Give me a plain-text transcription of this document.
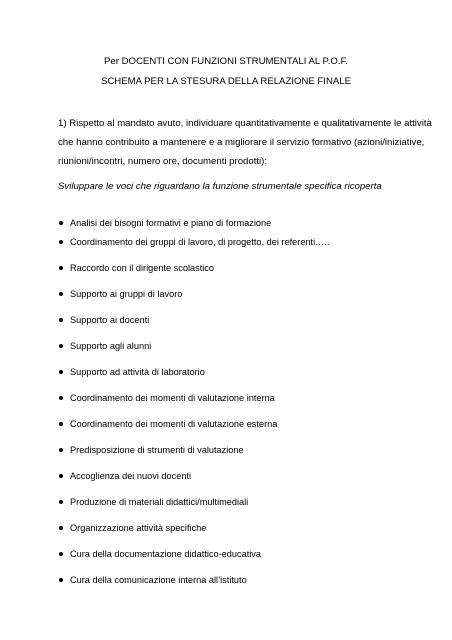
Per DOCENTI CON FUNZIONI STRUMENTALI AL P.O.F.
SCHEMA PER LA STESURA DELLA RELAZIONE FINALE
1) Rispetto al mandato avuto, individuare quantitativamente e qualitativamente le attività
che hanno contribuito a mantenere e a migliorare il servizio formativo (azioni/iniziative,
riunioni/incontri, numero ore, documenti prodotti):
Sviluppare le voci che riguardano la funzione strumentale specifica ricoperta
Analisi dei bisogni formativi e piano di formazione
Coordinamento dei gruppi di lavoro, di progetto, dei referenti…..
Raccordo con il dirigente scolastico
Supporto ai gruppi di lavoro
Supporto ai docenti
Supporto agli alunni
Supporto ad attività di laboratorio
Coordinamento dei momenti di valutazione interna
Coordinamento dei momenti di valutazione esterna
Predisposizione di strumenti di valutazione
Accoglienza dei nuovi docenti
Produzione di materiali didattici/multimediali
Organizzazione attività specifiche
Cura della documentazione didattico-educativa
Cura della comunicazione interna all’istituto
